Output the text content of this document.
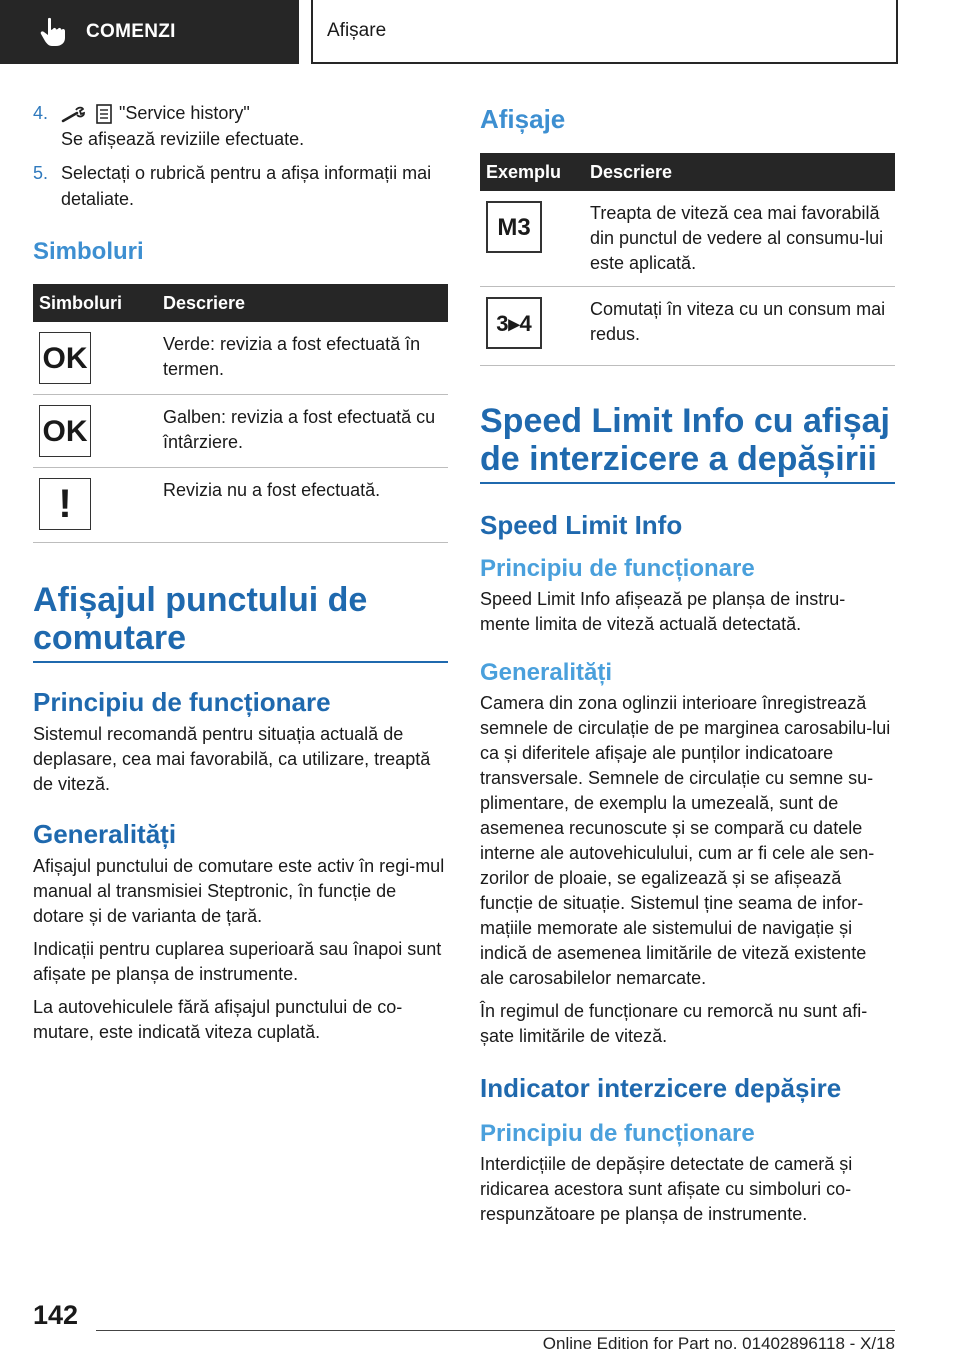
COMENZI	Afișare
4.	"Service history"
Se afișează reviziile efectuate.
5. Selectați o rubrică pentru a afișa informații mai detaliate.
Simboluri
Simboluri	Descriere

OK	Verde: revizia a fost efectuată în termen.

OK	Galben: revizia a fost efectuată cu întârziere.

!	Revizia nu a fost efectuată.
Afișajul punctului de comutare
Principiu de funcționare

Sistemul recomandă pentru situația actuală de deplasare, cea mai favorabilă, ca utilizare, treaptă de viteză.

Generalități

Afișajul punctului de comutare este activ în regi-mul manual al transmisiei Steptronic, în funcție de dotare și de varianta de țară.

Indicații pentru cuplarea superioară sau înapoi sunt afișate pe planșa de instrumente.

La autovehiculele fără afișajul punctului de co-mutare, este indicată viteza cuplată.

Afișaje
Exemplu	Descriere

M3	Treapta de viteză cea mai favorabilă din punctul de vedere al consumu-lui este aplicată.

3▸4	Comutați în viteza cu un consum mai redus.
Speed Limit Info cu afișaj de interzicere a depășirii
Speed Limit Info
Principiu de funcționare

Speed Limit Info afișează pe planșa de instru-mente limita de viteză actuală detectată.

Generalități

Camera din zona oglinzii interioare înregistrează semnele de circulație de pe marginea carosabilu-lui ca și diferitele afișaje ale punților indicatoare transversale. Semnele de circulație cu semne su-plimentare, de exemplu la umezeală, sunt de asemenea recunoscute și se compară cu datele interne ale autovehiculului, cum ar fi cele ale sen-zorilor de ploaie, se egalizează și se afișează funcție de situație. Sistemul ține seama de infor-mațiile memorate ale sistemului de navigație și indică de asemenea limitările de viteză existente ale carosabilelor nemarcate.

În regimul de funcționare cu remorcă nu sunt afi-șate limitările de viteză.

Indicator interzicere depășire
Principiu de funcționare

Interdicțiile de depășire detectate de cameră și ridicarea acestora sunt afișate cu simboluri co-respunzătoare pe planșa de instrumente.

142
Online Edition for Part no. 01402896118 - X/18
